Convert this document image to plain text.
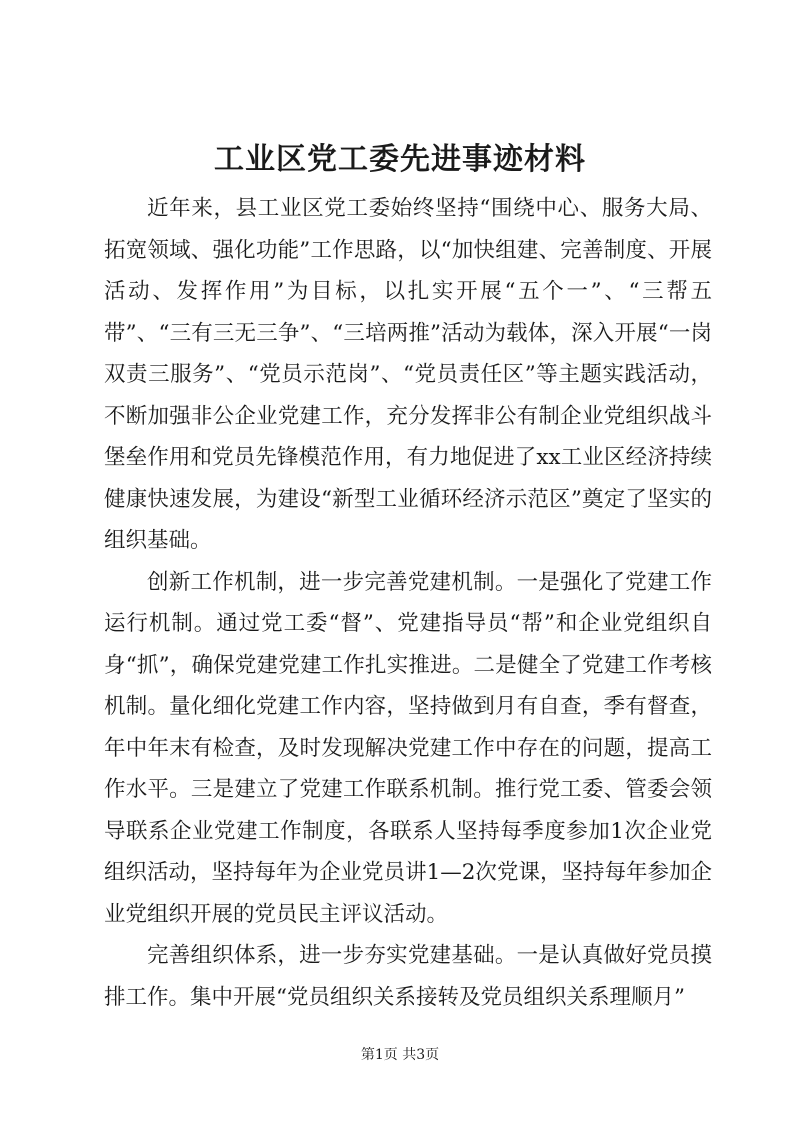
工业区党工委先进事迹材料

近年来，县工业区党工委始终坚持“围绕中心、服务大局、拓宽领域、强化功能”工作思路，以“加快组建、完善制度、开展活动、发挥作用”为目标，以扎实开展“五个一”、“三帮五带”、“三有三无三争”、“三培两推”活动为载体，深入开展“一岗双责三服务”、“党员示范岗”、“党员责任区”等主题实践活动，不断加强非公企业党建工作，充分发挥非公有制企业党组织战斗堡垒作用和党员先锋模范作用，有力地促进了xx工业区经济持续健康快速发展，为建设“新型工业循环经济示范区”奠定了坚实的组织基础。

创新工作机制，进一步完善党建机制。一是强化了党建工作运行机制。通过党工委“督”、党建指导员“帮”和企业党组织自身“抓”，确保党建党建工作扎实推进。二是健全了党建工作考核机制。量化细化党建工作内容，坚持做到月有自查，季有督查，年中年末有检查，及时发现解决党建工作中存在的问题，提高工作水平。三是建立了党建工作联系机制。推行党工委、管委会领导联系企业党建工作制度，各联系人坚持每季度参加1次企业党组织活动，坚持每年为企业党员讲1—2次党课，坚持每年参加企业党组织开展的党员民主评议活动。

完善组织体系，进一步夯实党建基础。一是认真做好党员摸排工作。集中开展“党员组织关系接转及党员组织关系理顺月”

第1页 共3页
